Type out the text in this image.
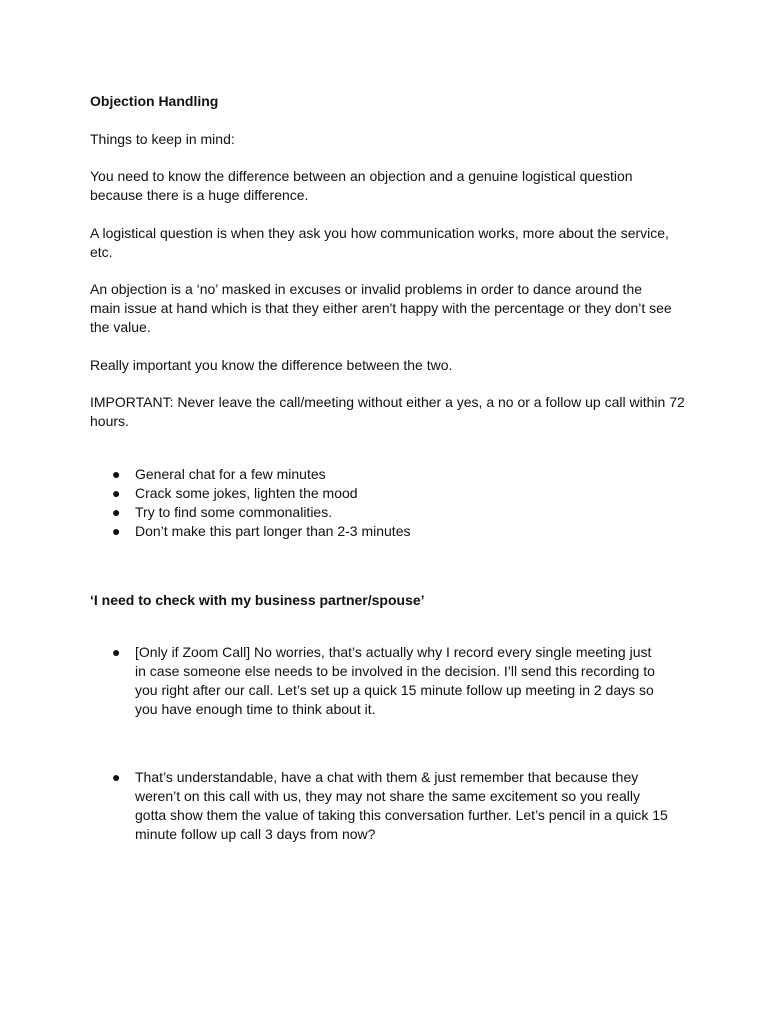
Objection Handling

Things to keep in mind:

You need to know the difference between an objection and a genuine logistical question because there is a huge difference.

A logistical question is when they ask you how communication works, more about the service, etc.

An objection is a ‘no’ masked in excuses or invalid problems in order to dance around the main issue at hand which is that they either aren't happy with the percentage or they don’t see the value.

Really important you know the difference between the two.

IMPORTANT: Never leave the call/meeting without either a yes, a no or a follow up call within 72 hours.

● General chat for a few minutes
● Crack some jokes, lighten the mood
● Try to find some commonalities.
● Don’t make this part longer than 2-3 minutes

‘I need to check with my business partner/spouse’

● [Only if Zoom Call] No worries, that’s actually why I record every single meeting just in case someone else needs to be involved in the decision. I’ll send this recording to you right after our call. Let’s set up a quick 15 minute follow up meeting in 2 days so you have enough time to think about it.
● That’s understandable, have a chat with them & just remember that because they weren’t on this call with us, they may not share the same excitement so you really gotta show them the value of taking this conversation further. Let’s pencil in a quick 15 minute follow up call 3 days from now?
